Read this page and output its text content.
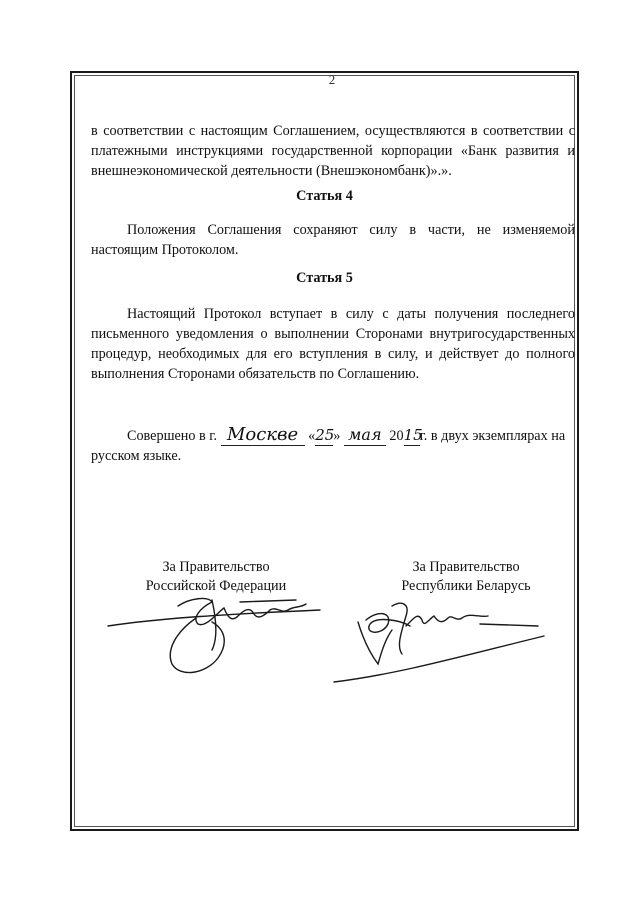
2
в соответствии с настоящим Соглашением, осуществляются в соответствии с платежными инструкциями государственной корпорации «Банк развития и внешнеэкономической деятельности (Внешэкономбанк)».».
Статья 4
Положения Соглашения сохраняют силу в части, не изменяемой настоящим Протоколом.
Статья 5
Настоящий Протокол вступает в силу с даты получения последнего письменного уведомления о выполнении Сторонами внутригосударственных процедур, необходимых для его вступления в силу, и действует до полного выполнения Сторонами обязательств по Соглашению.
Совершено в г. Москве «25» мая 2015г. в двух экземплярах на русском языке.
За Правительство
Российской Федерации
За Правительство
Республики Беларусь
